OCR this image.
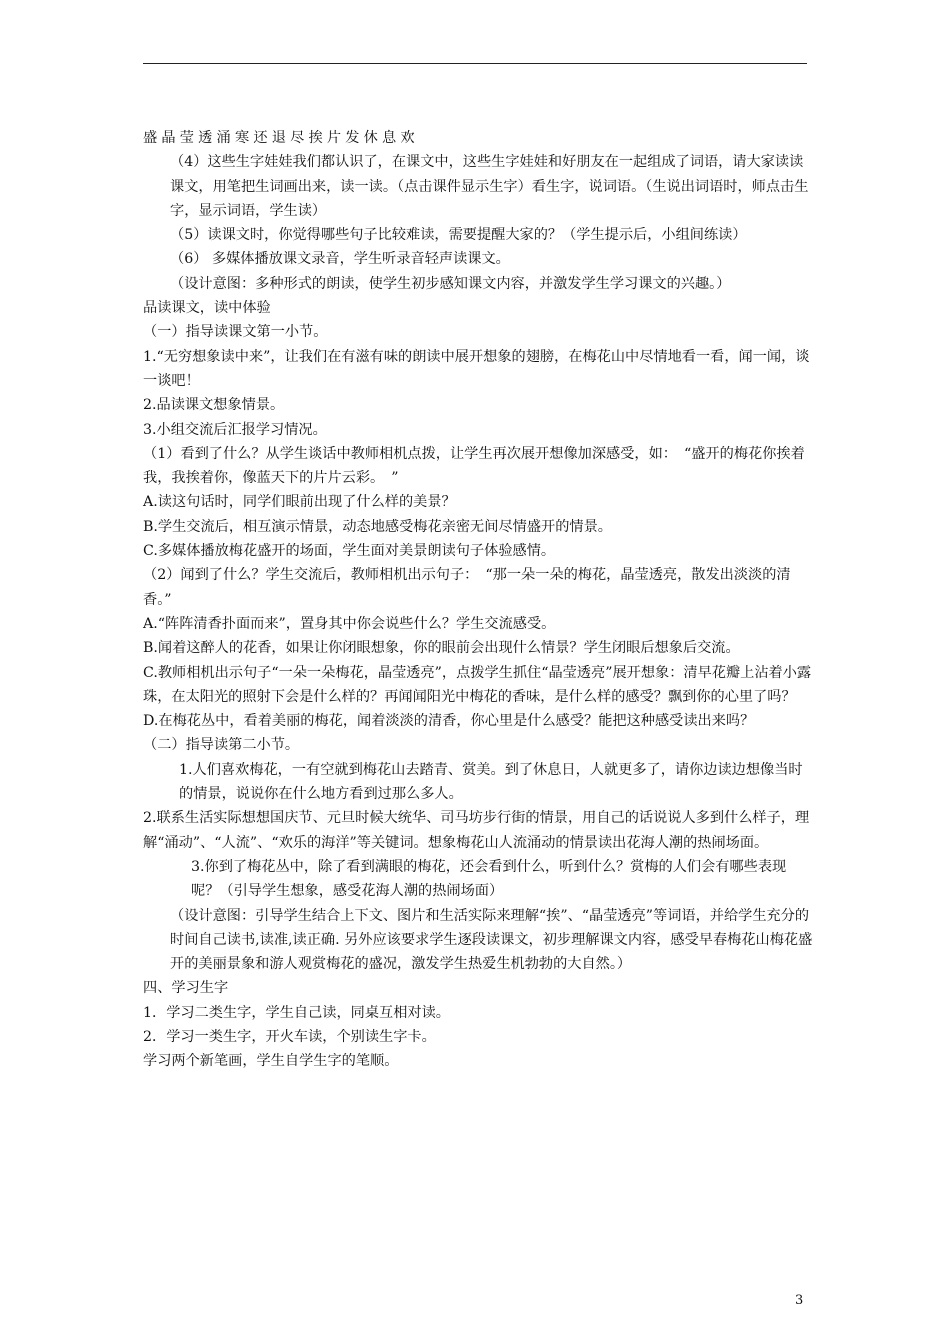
盛晶莹透涌寒还退尽挨片发休息欢

（4）这些生字娃娃我们都认识了，在课文中，这些生字娃娃和好朋友在一起组成了词语，请大家读读课文，用笔把生词画出来，读一读。（点击课件显示生字）看生字，说词语。（生说出词语时，师点击生字，显示词语，学生读）

（5）读课文时，你觉得哪些句子比较难读，需要提醒大家的？（学生提示后，小组间练读）

（6） 多媒体播放课文录音，学生听录音轻声读课文。

（设计意图：多种形式的朗读，使学生初步感知课文内容，并激发学生学习课文的兴趣。）

品读课文，读中体验

（一）指导读课文第一小节。

1.“无穷想象读中来”，让我们在有滋有味的朗读中展开想象的翅膀，在梅花山中尽情地看一看，闻一闻，谈一谈吧！

2.品读课文想象情景。

3.小组交流后汇报学习情况。

（1）看到了什么？从学生谈话中教师相机点拨，让学生再次展开想像加深感受，如：　“盛开的梅花你挨着我，我挨着你，像蓝天下的片片云彩。　”

A.读这句话时，同学们眼前出现了什么样的美景？

B.学生交流后，相互演示情景，动态地感受梅花亲密无间尽情盛开的情景。

C.多媒体播放梅花盛开的场面，学生面对美景朗读句子体验感情。

（2）闻到了什么？学生交流后，教师相机出示句子：　“那一朵一朵的梅花，晶莹透亮，散发出淡淡的清香。”

A.“阵阵清香扑面而来”，置身其中你会说些什么？学生交流感受。

B.闻着这醉人的花香，如果让你闭眼想象，你的眼前会出现什么情景？学生闭眼后想象后交流。

C.教师相机出示句子“一朵一朵梅花，晶莹透亮”，点拨学生抓住“晶莹透亮”展开想象：清早花瓣上沾着小露珠，在太阳光的照射下会是什么样的？再闻闻阳光中梅花的香味，是什么样的感受？飘到你的心里了吗？

D.在梅花丛中，看着美丽的梅花，闻着淡淡的清香，你心里是什么感受？能把这种感受读出来吗？

（二）指导读第二小节。

1.人们喜欢梅花，一有空就到梅花山去踏青、赏美。到了休息日，人就更多了，请你边读边想像当时的情景，说说你在什么地方看到过那么多人。

2.联系生活实际想想国庆节、元旦时候大统华、司马坊步行街的情景，用自己的话说说人多到什么样子，理解“涌动”、“人流”、“欢乐的海洋”等关键词。想象梅花山人流涌动的情景读出花海人潮的热闹场面。

3.你到了梅花丛中，除了看到满眼的梅花，还会看到什么，听到什么？赏梅的人们会有哪些表现呢？（引导学生想象，感受花海人潮的热闹场面）

（设计意图：引导学生结合上下文、图片和生活实际来理解“挨”、“晶莹透亮”等词语，并给学生充分的时间自己读书,读准,读正确. 另外应该要求学生逐段读课文，初步理解课文内容，感受早春梅花山梅花盛开的美丽景象和游人观赏梅花的盛况，激发学生热爱生机勃勃的大自然。）

四、学习生字

1．学习二类生字，学生自己读，同桌互相对读。

2．学习一类生字，开火车读，个别读生字卡。

学习两个新笔画，学生自学生字的笔顺。

3
